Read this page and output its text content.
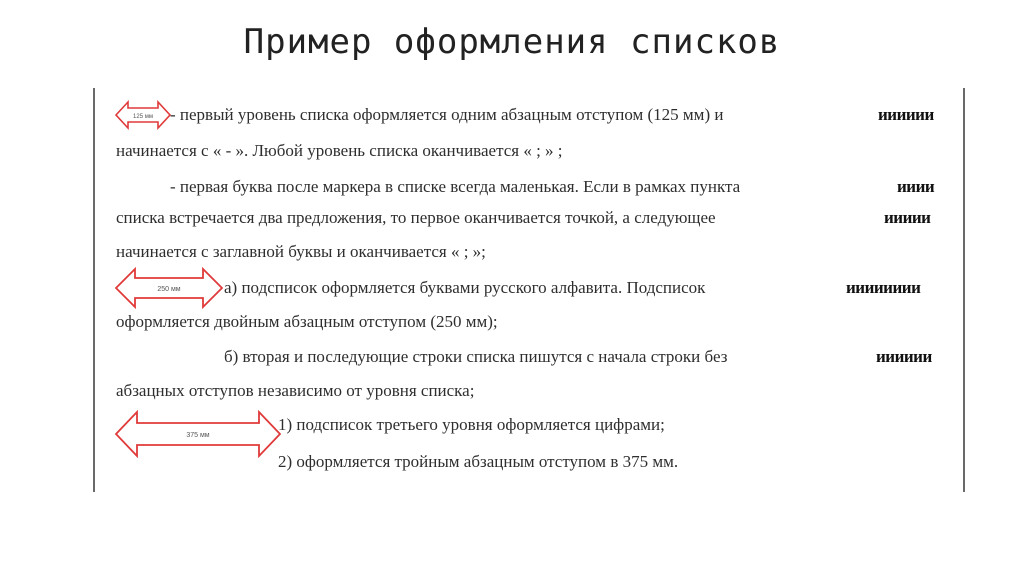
Пример оформления списков
125 мм
250 мм
375 мм
- первый уровень списка оформляется одним абзацным отступом (125 мм) и	ииииии
начинается с « - ». Любой уровень списка оканчивается « ; » ;
- первая буква после маркера в списке всегда маленькая. Если в рамках пункта	ииии
списка встречается два предложения, то первое оканчивается точкой, а следующее	иииии
начинается с заглавной буквы и оканчивается « ; »;
а) подсписок оформляется буквами русского алфавита. Подсписок	ииииииии
оформляется двойным абзацным отступом (250 мм);
б) вторая и последующие строки списка пишутся с начала строки без	ииииии
абзацных отступов независимо от уровня списка;
1) подсписок третьего уровня оформляется цифрами;
2) оформляется тройным абзацным отступом в 375 мм.
